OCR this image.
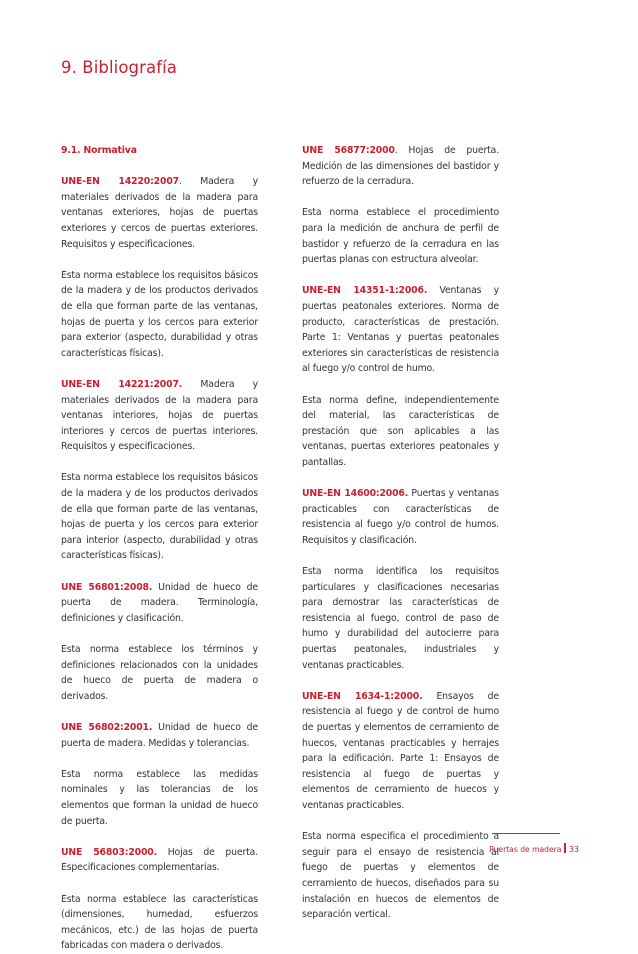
9. Bibliografía

9.1. Normativa

UNE-EN 14220:2007. Madera y materiales derivados de la madera para ventanas exteriores, hojas de puertas exteriores y cercos de puertas exteriores. Requisitos y especificaciones.

Esta norma establece los requisitos básicos de la madera y de los productos derivados de ella que forman parte de las ventanas, hojas de puerta y los cercos para exterior para exterior (aspecto, durabilidad y otras características físicas).

UNE-EN 14221:2007. Madera y materiales derivados de la madera para ventanas interiores, hojas de puertas interiores y cercos de puertas interiores. Requisitos y especificaciones.

Esta norma establece los requisitos básicos de la madera y de los productos derivados de ella que forman parte de las ventanas, hojas de puerta y los cercos para exterior para interior (aspecto, durabilidad y otras características físicas).

UNE 56801:2008. Unidad de hueco de puerta de madera. Terminología, definiciones y clasificación.

Esta norma establece los términos y definiciones relacionados con la unidades de hueco de puerta de madera o derivados.

UNE 56802:2001. Unidad de hueco de puerta de madera. Medidas y tolerancias.

Esta norma establece las medidas nominales y las tolerancias de los elementos que forman la unidad de hueco de puerta.

UNE 56803:2000. Hojas de puerta. Especificaciones complementarias.

Esta norma establece las características (dimensiones, humedad, esfuerzos mecánicos, etc.) de las hojas de puerta fabricadas con madera o derivados.

UNE 56877:2000. Hojas de puerta. Medición de las dimensiones del bastidor y refuerzo de la cerradura.

Esta norma establece el procedimiento para la medición de anchura de perfil de bastidor y refuerzo de la cerradura en las puertas planas con estructura alveolar.

UNE-EN 14351-1:2006. Ventanas y puertas peatonales exteriores. Norma de producto, características de prestación. Parte 1: Ventanas y puertas peatonales exteriores sin características de resistencia al fuego y/o control de humo.

Esta norma define, independientemente del material, las características de prestación que son aplicables a las ventanas, puertas exteriores peatonales y pantallas.

UNE-EN 14600:2006. Puertas y ventanas practicables con características de resistencia al fuego y/o control de humos. Requisitos y clasificación.

Esta norma identifica los requisitos particulares y clasificaciones necesarias para demostrar las características de resistencia al fuego, control de paso de humo y durabilidad del autocierre para puertas peatonales, industriales y ventanas practicables.

UNE-EN 1634-1:2000. Ensayos de resistencia al fuego y de control de humo de puertas y elementos de cerramiento de huecos, ventanas practicables y herrajes para la edificación. Parte 1: Ensayos de resistencia al fuego de puertas y elementos de cerramiento de huecos y ventanas practicables.

Esta norma especifica el procedimiento a seguir para el ensayo de resistencia al fuego de puertas y elementos de cerramiento de huecos, diseñados para su instalación en huecos de elementos de separación vertical.

Puertas de madera 33
